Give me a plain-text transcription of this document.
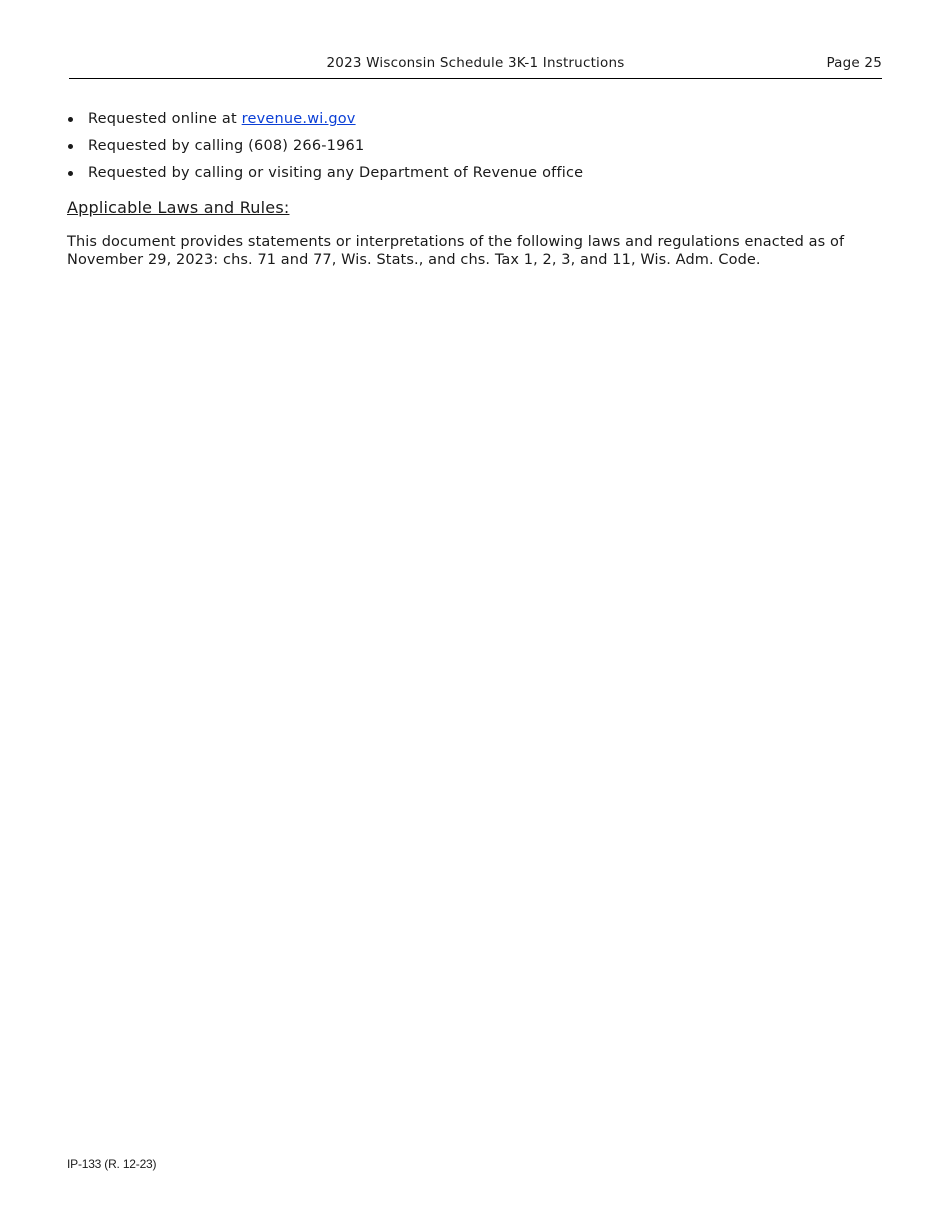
2023 Wisconsin Schedule 3K-1 Instructions	Page 25
Requested online at revenue.wi.gov
Requested by calling (608) 266-1961
Requested by calling or visiting any Department of Revenue office
Applicable Laws and Rules:

This document provides statements or interpretations of the following laws and regulations enacted as of November 29, 2023: chs. 71 and 77, Wis. Stats., and chs. Tax 1, 2, 3, and 11, Wis. Adm. Code.

IP-133 (R. 12-23)
